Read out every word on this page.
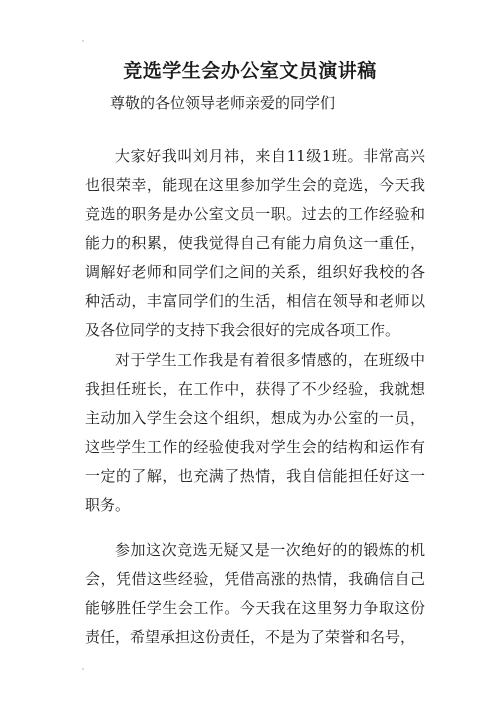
竞选学生会办公室文员演讲稿

尊敬的各位领导老师亲爱的同学们

大家好我叫刘月祎，来自11级1班。非常高兴也很荣幸，能现在这里参加学生会的竞选，今天我竞选的职务是办公室文员一职。过去的工作经验和能力的积累，使我觉得自己有能力肩负这一重任，调解好老师和同学们之间的关系，组织好我校的各种活动，丰富同学们的生活，相信在领导和老师以及各位同学的支持下我会很好的完成各项工作。

对于学生工作我是有着很多情感的，在班级中我担任班长，在工作中，获得了不少经验，我就想主动加入学生会这个组织，想成为办公室的一员，这些学生工作的经验使我对学生会的结构和运作有一定的了解，也充满了热情，我自信能担任好这一职务。

参加这次竞选无疑又是一次绝好的的锻炼的机会，凭借这些经验，凭借高涨的热情，我确信自己能够胜任学生会工作。今天我在这里努力争取这份责任，希望承担这份责任，不是为了荣誉和名号，
